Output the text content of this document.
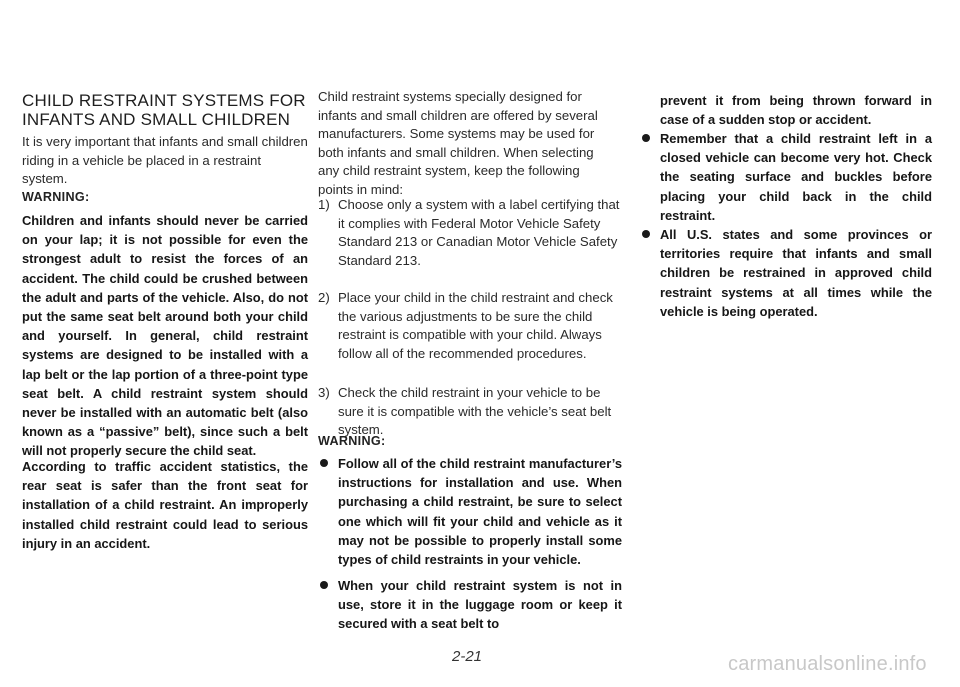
CHILD RESTRAINT SYSTEMS FOR INFANTS AND SMALL CHILDREN

It is very important that infants and small children riding in a vehicle be placed in a restraint system.

WARNING:

Children and infants should never be carried on your lap; it is not possible for even the strongest adult to resist the forces of an accident. The child could be crushed between the adult and parts of the vehicle. Also, do not put the same seat belt around both your child and yourself. In general, child restraint systems are designed to be installed with a lap belt or the lap portion of a three-point type seat belt. A child restraint system should never be installed with an automatic belt (also known as a “passive” belt), since such a belt will not properly secure the child seat.

According to traffic accident statistics, the rear seat is safer than the front seat for installation of a child restraint. An improperly installed child restraint could lead to serious injury in an accident.

Child restraint systems specially designed for infants and small children are offered by several manufacturers. Some systems may be used for both infants and small children. When selecting any child restraint system, keep the following points in mind:

1) Choose only a system with a label certifying that it complies with Federal Motor Vehicle Safety Standard 213 or Canadian Motor Vehicle Safety Standard 213.
2) Place your child in the child restraint and check the various adjustments to be sure the child restraint is compatible with your child. Always follow all of the recommended procedures.
3) Check the child restraint in your vehicle to be sure it is compatible with the vehicle’s seat belt system.

WARNING:

Follow all of the child restraint manufacturer’s instructions for installation and use. When purchasing a child restraint, be sure to select one which will fit your child and vehicle as it may not be possible to properly install some types of child restraints in your vehicle.
When your child restraint system is not in use, store it in the luggage room or keep it secured with a seat belt to

prevent it from being thrown forward in case of a sudden stop or accident.

Remember that a child restraint left in a closed vehicle can become very hot. Check the seating surface and buckles before placing your child back in the child restraint.
All U.S. states and some provinces or territories require that infants and small children be restrained in approved child restraint systems at all times while the vehicle is being operated.
2-21	carmanualsonline.info
